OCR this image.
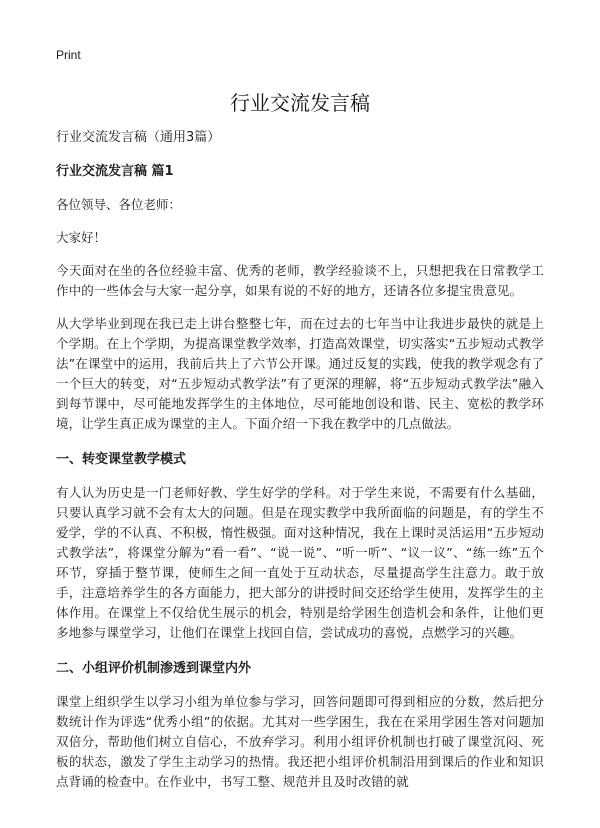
Print
行业交流发言稿
行业交流发言稿（通用3篇）
行业交流发言稿 篇1
各位领导、各位老师：
大家好！
今天面对在坐的各位经验丰富、优秀的老师，教学经验谈不上，只想把我在日常教学工作中的一些体会与大家一起分享，如果有说的不好的地方，还请各位多提宝贵意见。
从大学毕业到现在我已走上讲台整整七年，而在过去的七年当中让我进步最快的就是上个学期。在上个学期，为提高课堂教学效率，打造高效课堂，切实落实“五步短动式教学法”在课堂中的运用，我前后共上了六节公开课。通过反复的实践，使我的教学观念有了一个巨大的转变，对“五步短动式教学法”有了更深的理解，将“五步短动式教学法”融入到每节课中，尽可能地发挥学生的主体地位，尽可能地创设和谐、民主、宽松的教学环境，让学生真正成为课堂的主人。下面介绍一下我在教学中的几点做法。
一、转变课堂教学模式
有人认为历史是一门老师好教、学生好学的学科。对于学生来说，不需要有什么基础，只要认真学习就不会有太大的问题。但是在现实教学中我所面临的问题是，有的学生不爱学，学的不认真、不积极，惰性极强。面对这种情况，我在上课时灵活运用“五步短动式教学法”，将课堂分解为“看一看”、“说一说”、“听一听”、“议一议”、“练一练”五个环节，穿插于整节课，使师生之间一直处于互动状态，尽量提高学生注意力。敢于放手，注意培养学生的各方面能力，把大部分的讲授时间交还给学生使用，发挥学生的主体作用。在课堂上不仅给优生展示的机会，特别是给学困生创造机会和条件，让他们更多地参与课堂学习，让他们在课堂上找回自信，尝试成功的喜悦，点燃学习的兴趣。
二、小组评价机制渗透到课堂内外
课堂上组织学生以学习小组为单位参与学习，回答问题即可得到相应的分数，然后把分数统计作为评选“优秀小组”的依据。尤其对一些学困生，我在在采用学困生答对问题加双倍分，帮助他们树立自信心，不放弃学习。利用小组评价机制也打破了课堂沉闷、死板的状态，激发了学生主动学习的热情。我还把小组评价机制沿用到课后的作业和知识点背诵的检查中。在作业中，书写工整、规范并且及时改错的就
